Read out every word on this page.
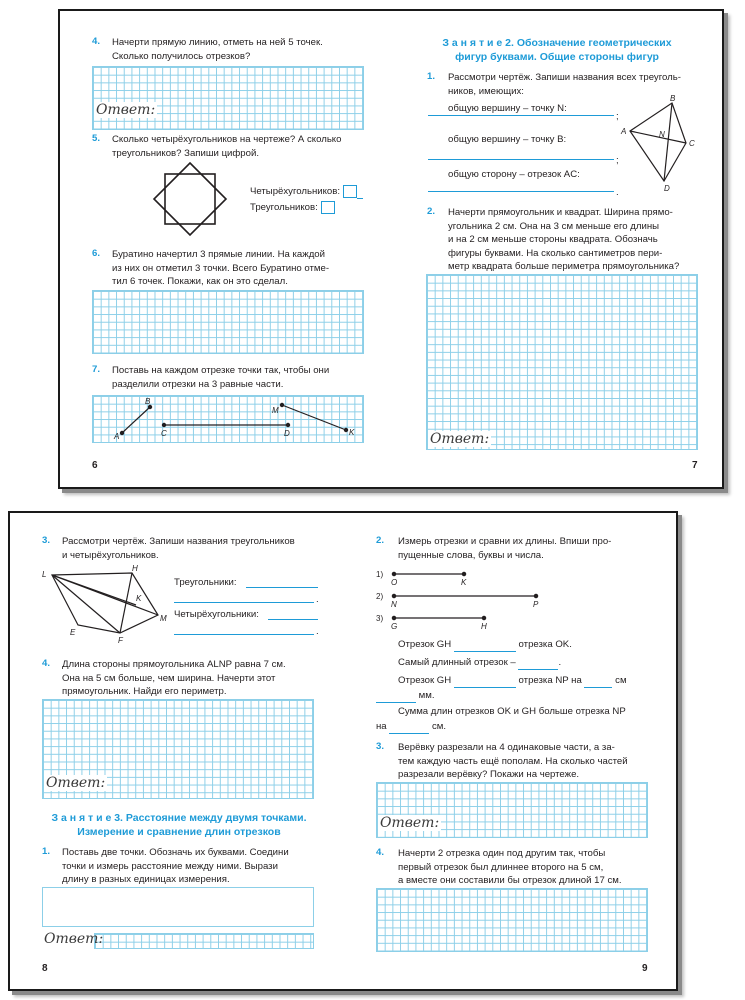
4. Начерти прямую линию, отметь на ней 5 точек.
Сколько получилось отрезков?
Ответ:
5. Сколько четырёхугольников на чертеже? А сколько
треугольников? Запиши цифрой.
Четырёхугольников:
Треугольников:
6. Буратино начертил 3 прямые линии. На каждой
из них он отметил 3 точки. Всего Буратино отме-
тил 6 точек. Покажи, как он это сделал.
7. Поставь на каждом отрезке точки так, чтобы они
разделили отрезки на 3 равные части.
A
B
C	D
M
K
6
З а н я т и е 2. Обозначение геометрических
фигур буквами. Общие стороны фигур
1. Рассмотри чертёж. Запиши названия всех треуголь-
ников, имеющих:
общую вершину – точку N:
;
общую вершину – точку B:
;
общую сторону – отрезок AC:
.
A
B
C
D
N
2. Начерти прямоугольник и квадрат. Ширина прямо-
угольника 2 см. Она на 3 см меньше его длины
и на 2 см меньше стороны квадрата. Обозначь
фигуры буквами. На сколько сантиметров пери-
метр квадрата больше периметра прямоугольника?
Ответ:
7
3. Рассмотри чертёж. Запиши названия треугольников
и четырёхугольников.
L
H
K
M
E
F
Треугольники:
.
Четырёхугольники:
.
4. Длина стороны прямоугольника ALNP равна 7 см.
Она на 5 см больше, чем ширина. Начерти этот
прямоугольник. Найди его периметр.
Ответ:
З а н я т и е 3. Расстояние между двумя точками.
Измерение и сравнение длин отрезков
1. Поставь две точки. Обозначь их буквами. Соедини
точки и измерь расстояние между ними. Вырази
длину в разных единицах измерения.
Ответ:
8
2. Измерь отрезки и сравни их длины. Впиши про-
пущенные слова, буквы и числа.
1)
2)
3)
O	K
N	P
G	H
Отрезок GH	отрезка OK.
Самый длинный отрезок –	.
Отрезок GH	отрезка NP на	см
мм.
Сумма длин отрезков OK и GH больше отрезка NP
на	см.
3. Верёвку разрезали на 4 одинаковые части, а за-
тем каждую часть ещё пополам. На сколько частей
разрезали верёвку? Покажи на чертеже.
Ответ:
4. Начерти 2 отрезка один под другим так, чтобы
первый отрезок был длиннее второго на 5 см,
а вместе они составили бы отрезок длиной 17 см.
9
